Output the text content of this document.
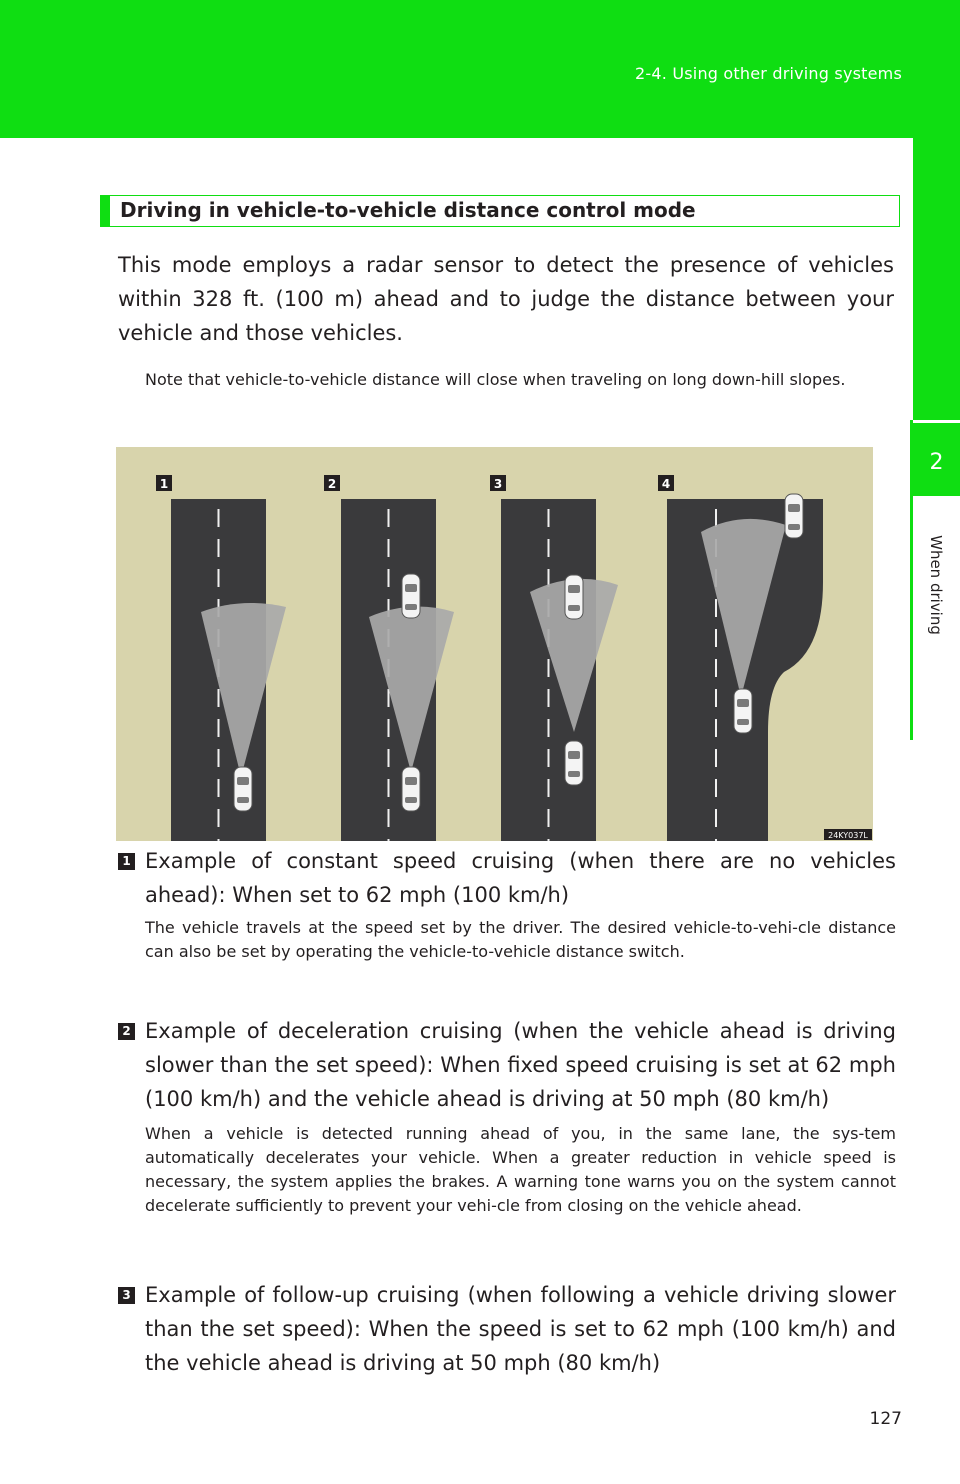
2-4. Using other driving systems
2
When driving
Driving in vehicle-to-vehicle distance control mode

This mode employs a radar sensor to detect the presence of vehicles within 328 ft. (100 m) ahead and to judge the distance between your vehicle and those vehicles.

Note that vehicle-to-vehicle distance will close when traveling on long down-hill slopes.

1	2	3	4
24KY037L
1 Example of constant speed cruising (when there are no vehicles ahead): When set to 62 mph (100 km/h)

The vehicle travels at the speed set by the driver. The desired vehicle-to-vehi-cle distance can also be set by operating the vehicle-to-vehicle distance switch.

2 Example of deceleration cruising (when the vehicle ahead is driving slower than the set speed): When fixed speed cruising is set at 62 mph (100 km/h) and the vehicle ahead is driving at 50 mph (80 km/h)

When a vehicle is detected running ahead of you, in the same lane, the sys-tem automatically decelerates your vehicle. When a greater reduction in vehicle speed is necessary, the system applies the brakes. A warning tone warns you on the system cannot decelerate sufficiently to prevent your vehi-cle from closing on the vehicle ahead.

3 Example of follow-up cruising (when following a vehicle driving slower than the set speed): When the speed is set to 62 mph (100 km/h) and the vehicle ahead is driving at 50 mph (80 km/h)

127
